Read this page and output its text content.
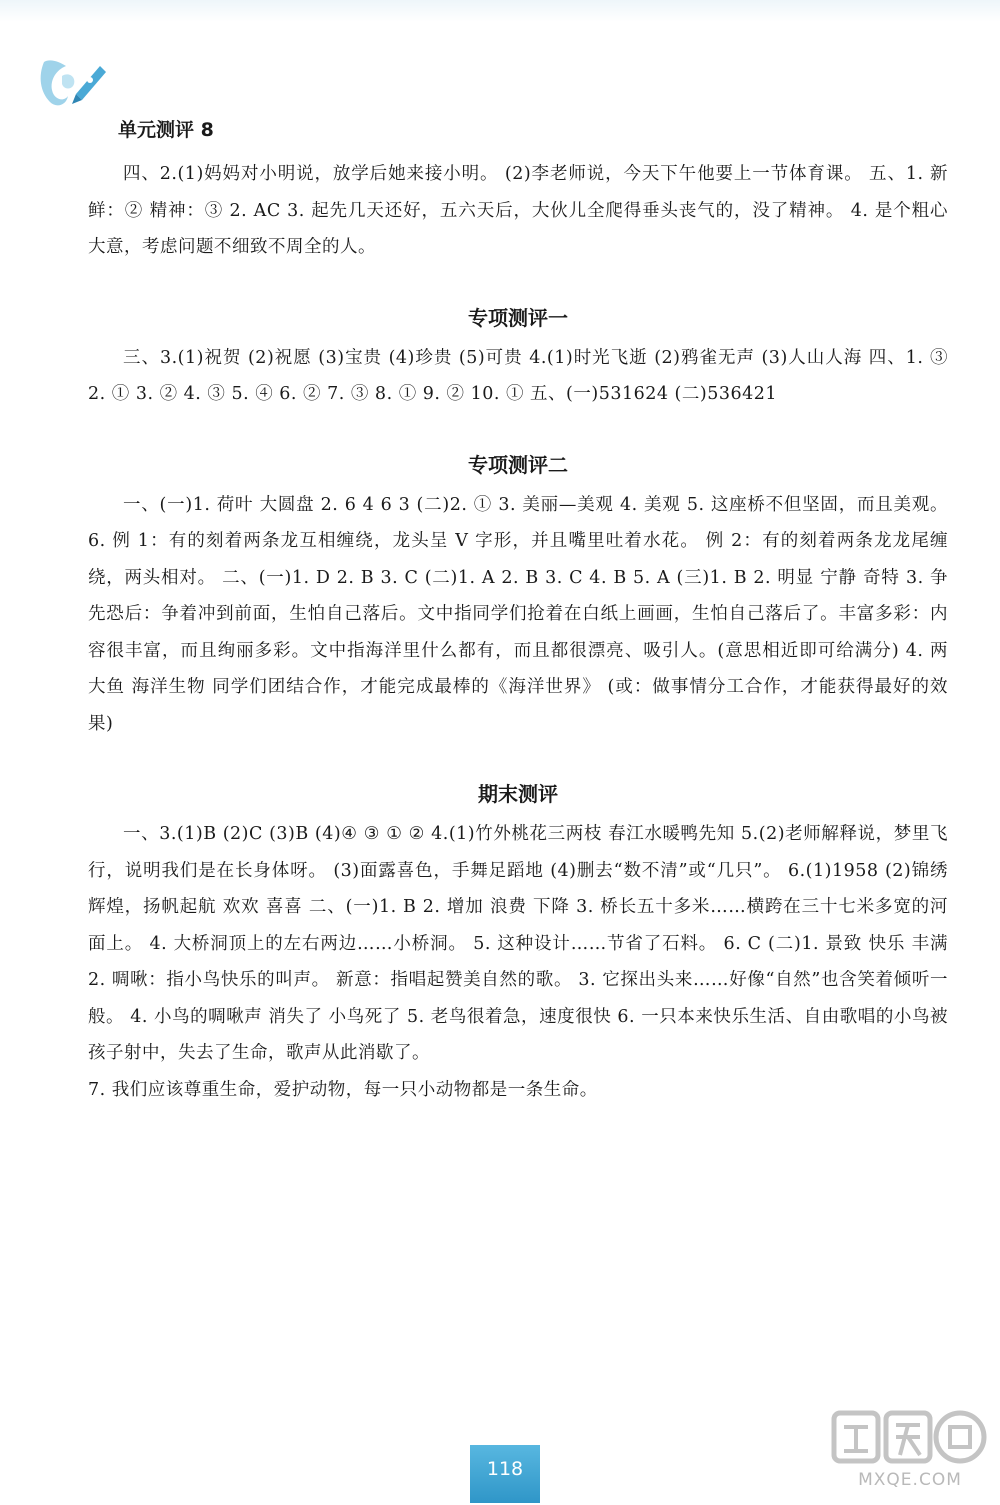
单元测评 8

四、2.(1)妈妈对小明说，放学后她来接小明。 (2)李老师说，今天下午他要上一节体育课。 五、1. 新鲜：② 精神：③ 2. AC 3. 起先几天还好，五六天后，大伙儿全爬得垂头丧气的，没了精神。 4. 是个粗心大意，考虑问题不细致不周全的人。

专项测评一

三、3.(1)祝贺 (2)祝愿 (3)宝贵 (4)珍贵 (5)可贵 4.(1)时光飞逝 (2)鸦雀无声 (3)人山人海 四、1. ③ 2. ① 3. ② 4. ③ 5. ④ 6. ② 7. ③ 8. ① 9. ② 10. ① 五、(一)531624 (二)536421

专项测评二

一、(一)1. 荷叶 大圆盘 2. 6 4 6 3 (二)2. ① 3. 美丽—美观 4. 美观 5. 这座桥不但坚固，而且美观。 6. 例 1：有的刻着两条龙互相缠绕，龙头呈 V 字形，并且嘴里吐着水花。 例 2：有的刻着两条龙龙尾缠绕，两头相对。 二、(一)1. D 2. B 3. C (二)1. A 2. B 3. C 4. B 5. A (三)1. B 2. 明显 宁静 奇特 3. 争先恐后：争着冲到前面，生怕自己落后。文中指同学们抢着在白纸上画画，生怕自己落后了。丰富多彩：内容很丰富，而且绚丽多彩。文中指海洋里什么都有，而且都很漂亮、吸引人。(意思相近即可给满分) 4. 两 大鱼 海洋生物 同学们团结合作，才能完成最棒的《海洋世界》 (或：做事情分工合作，才能获得最好的效果)

期末测评

一、3.(1)B (2)C (3)B (4)④ ③ ① ② 4.(1)竹外桃花三两枝 春江水暖鸭先知 5.(2)老师解释说，梦里飞行，说明我们是在长身体呀。 (3)面露喜色，手舞足蹈地 (4)删去“数不清”或“几只”。 6.(1)1958 (2)锦绣辉煌，扬帆起航 欢欢 喜喜 二、(一)1. B 2. 增加 浪费 下降 3. 桥长五十多米……横跨在三十七米多宽的河面上。 4. 大桥洞顶上的左右两边……小桥洞。 5. 这种设计……节省了石料。 6. C (二)1. 景致 快乐 丰满 2. 啁啾：指小鸟快乐的叫声。 新意：指唱起赞美自然的歌。 3. 它探出头来……好像“自然”也含笑着倾听一般。 4. 小鸟的啁啾声 消失了 小鸟死了 5. 老鸟很着急，速度很快 6. 一只本来快乐生活、自由歌唱的小鸟被孩子射中，失去了生命，歌声从此消歇了。

7. 我们应该尊重生命，爱护动物，每一只小动物都是一条生命。

118	MXQE.COM
